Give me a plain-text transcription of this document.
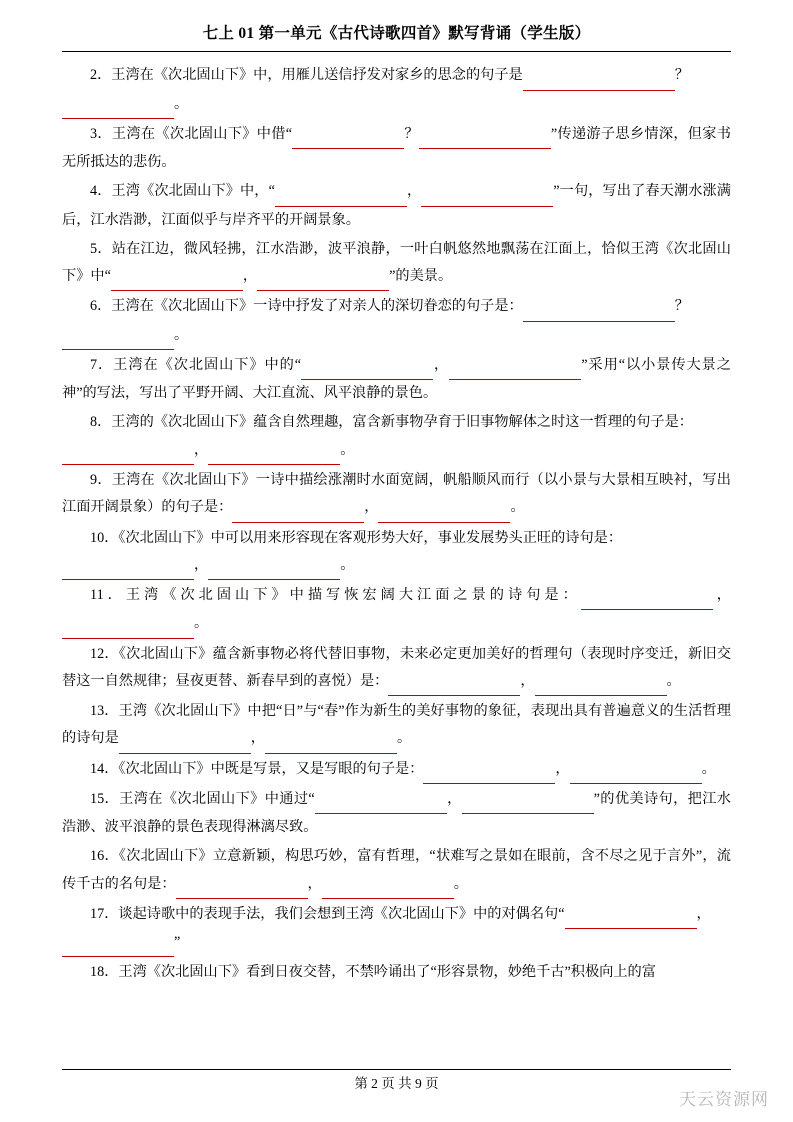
七上 01 第一单元《古代诗歌四首》默写背诵（学生版）

2．王湾在《次北固山下》中，用雁儿送信抒发对家乡的思念的句子是	？
。

3．王湾在《次北固山下》中借“	？	”传递游子思乡情深，但家书无所抵达的悲伤。

4．王湾《次北固山下》中，“	，	”一句，写出了春天潮水涨满后，江水浩渺，江面似乎与岸齐平的开阔景象。

5．站在江边，微风轻拂，江水浩渺，波平浪静，一叶白帆悠然地飘荡在江面上，恰似王湾《次北固山下》中“	，	”的美景。

6．王湾在《次北固山下》一诗中抒发了对亲人的深切眷恋的句子是：	？
。

7．王湾在《次北固山下》中的“	，	”采用“以小景传大景之神”的写法，写出了平野开阔、大江直流、风平浪静的景色。

8．王湾的《次北固山下》蕴含自然理趣，富含新事物孕育于旧事物解体之时这一哲理的句子是：
，	。

9．王湾在《次北固山下》一诗中描绘涨潮时水面宽阔，帆船顺风而行（以小景与大景相互映衬，写出江面开阔景象）的句子是：	，	。

10．《次北固山下》中可以用来形容现在客观形势大好，事业发展势头正旺的诗句是：
，	。

11．王湾《次北固山下》中描写恢宏阔大江面之景的诗句是：	， 。

12．《次北固山下》蕴含新事物必将代替旧事物，未来必定更加美好的哲理句（表现时序变迁，新旧交替这一自然规律；昼夜更替、新春早到的喜悦）是：	，	。

13．王湾《次北固山下》中把“日”与“春”作为新生的美好事物的象征，表现出具有普遍意义的生活哲理的诗句是	，	。

14．《次北固山下》中既是写景，又是写眼的句子是：	，	。

15．王湾在《次北固山下》中通过“	，	”的优美诗句，把江水浩渺、波平浪静的景色表现得淋漓尽致。

16．《次北固山下》立意新颖，构思巧妙，富有哲理，“状难写之景如在眼前，含不尽之见于言外”，流传千古的名句是：	，	。

17．谈起诗歌中的表现手法，我们会想到王湾《次北固山下》中的对偶名句“	，
”

18．王湾《次北固山下》看到日夜交替，不禁吟诵出了“形容景物，妙绝千古”积极向上的富

第 2 页 共 9 页
天云资源网
